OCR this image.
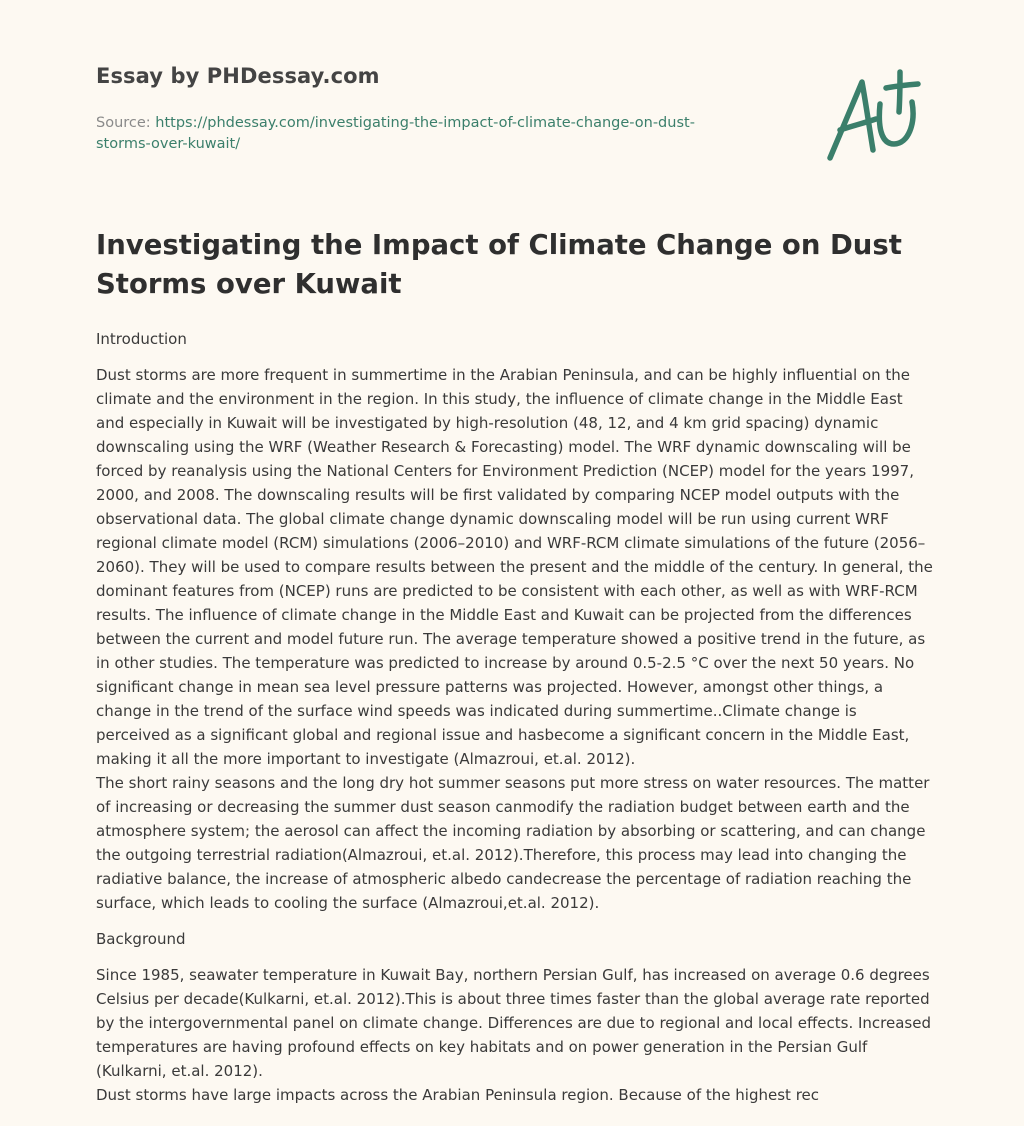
Essay by PHDessay.com
Source: https://phdessay.com/investigating-the-impact-of-climate-change-on-dust-storms-over-kuwait/
Investigating the Impact of Climate Change on Dust Storms over Kuwait

Introduction

Dust storms are more frequent in summertime in the Arabian Peninsula, and can be highly influential on the climate and the environment in the region. In this study, the influence of climate change in the Middle East and especially in Kuwait will be investigated by high-resolution (48, 12, and 4 km grid spacing) dynamic downscaling using the WRF (Weather Research & Forecasting) model. The WRF dynamic downscaling will be forced by reanalysis using the National Centers for Environment Prediction (NCEP) model for the years 1997, 2000, and 2008. The downscaling results will be first validated by comparing NCEP model outputs with the observational data. The global climate change dynamic downscaling model will be run using current WRF regional climate model (RCM) simulations (2006–2010) and WRF-RCM climate simulations of the future (2056–2060). They will be used to compare results between the present and the middle of the century. In general, the dominant features from (NCEP) runs are predicted to be consistent with each other, as well as with WRF-RCM results. The influence of climate change in the Middle East and Kuwait can be projected from the differences between the current and model future run. The average temperature showed a positive trend in the future, as in other studies. The temperature was predicted to increase by around 0.5-2.5 °C over the next 50 years. No significant change in mean sea level pressure patterns was projected. However, amongst other things, a change in the trend of the surface wind speeds was indicated during summertime..Climate change is perceived as a significant global and regional issue and hasbecome a significant concern in the Middle East, making it all the more important to investigate (Almazroui, et.al. 2012).

The short rainy seasons and the long dry hot summer seasons put more stress on water resources. The matter of increasing or decreasing the summer dust season canmodify the radiation budget between earth and the atmosphere system; the aerosol can affect the incoming radiation by absorbing or scattering, and can change the outgoing terrestrial radiation(Almazroui, et.al. 2012).Therefore, this process may lead into changing the radiative balance, the increase of atmospheric albedo candecrease the percentage of radiation reaching the surface, which leads to cooling the surface (Almazroui,et.al. 2012).

Background

Since 1985, seawater temperature in Kuwait Bay, northern Persian Gulf, has increased on average 0.6 degrees Celsius per decade(Kulkarni, et.al. 2012).This is about three times faster than the global average rate reported by the intergovernmental panel on climate change. Differences are due to regional and local effects. Increased temperatures are having profound effects on key habitats and on power generation in the Persian Gulf (Kulkarni, et.al. 2012).

Dust storms have large impacts across the Arabian Peninsula region. Because of the highest rec
